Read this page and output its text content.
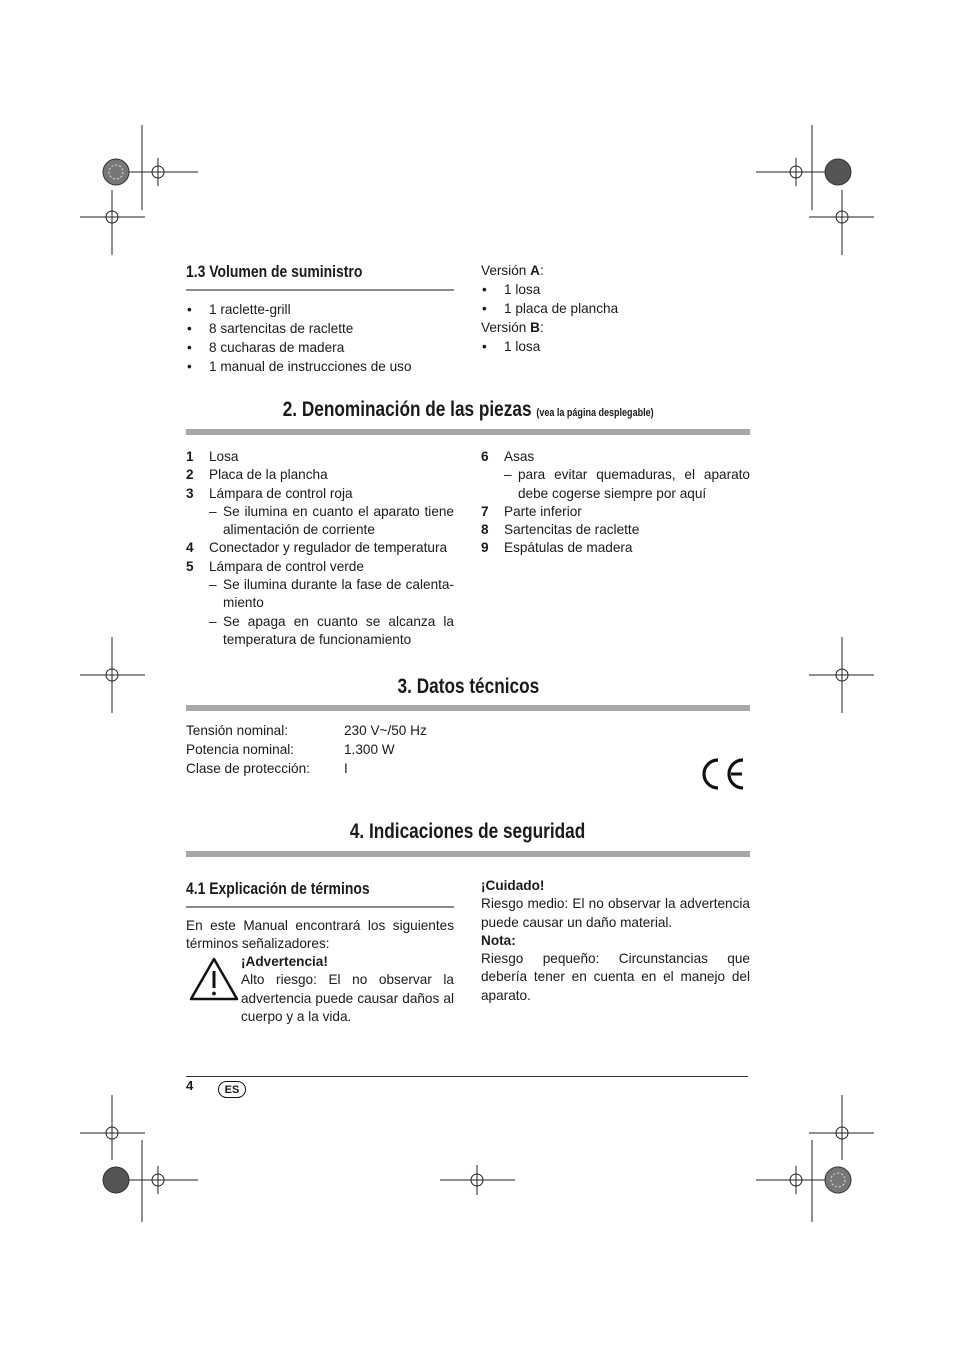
1.3 Volumen de suministro
• 1 raclette-grill
• 8 sartencitas de raclette
• 8 cucharas de madera
• 1 manual de instrucciones de uso
Versión A:
• 1 losa
• 1 placa de plancha
Versión B:
• 1 losa
2. Denominación de las piezas (vea la página desplegable)
1 Losa
2 Placa de la plancha
3 Lámpara de control roja
– Se ilumina en cuanto el aparato tiene alimentación de corriente
4 Conectador y regulador de temperatura
5 Lámpara de control verde
– Se ilumina durante la fase de calenta-miento
– Se apaga en cuanto se alcanza la temperatura de funcionamiento
6 Asas
– para evitar quemaduras, el aparato debe cogerse siempre por aquí
7 Parte inferior
8 Sartencitas de raclette
9 Espátulas de madera
3. Datos técnicos
Tensión nominal:	230 V~/50 Hz
Potencia nominal:	1.300 W
Clase de protección:	I
4. Indicaciones de seguridad
4.1 Explicación de términos
En este Manual encontrará los siguientes términos señalizadores:
¡Advertencia!
Alto riesgo: El no observar la advertencia puede causar daños al cuerpo y a la vida.
¡Cuidado!
Riesgo medio: El no observar la advertencia puede causar un daño material.
Nota:
Riesgo pequeño: Circunstancias que debería tener en cuenta en el manejo del aparato.
4	ES
